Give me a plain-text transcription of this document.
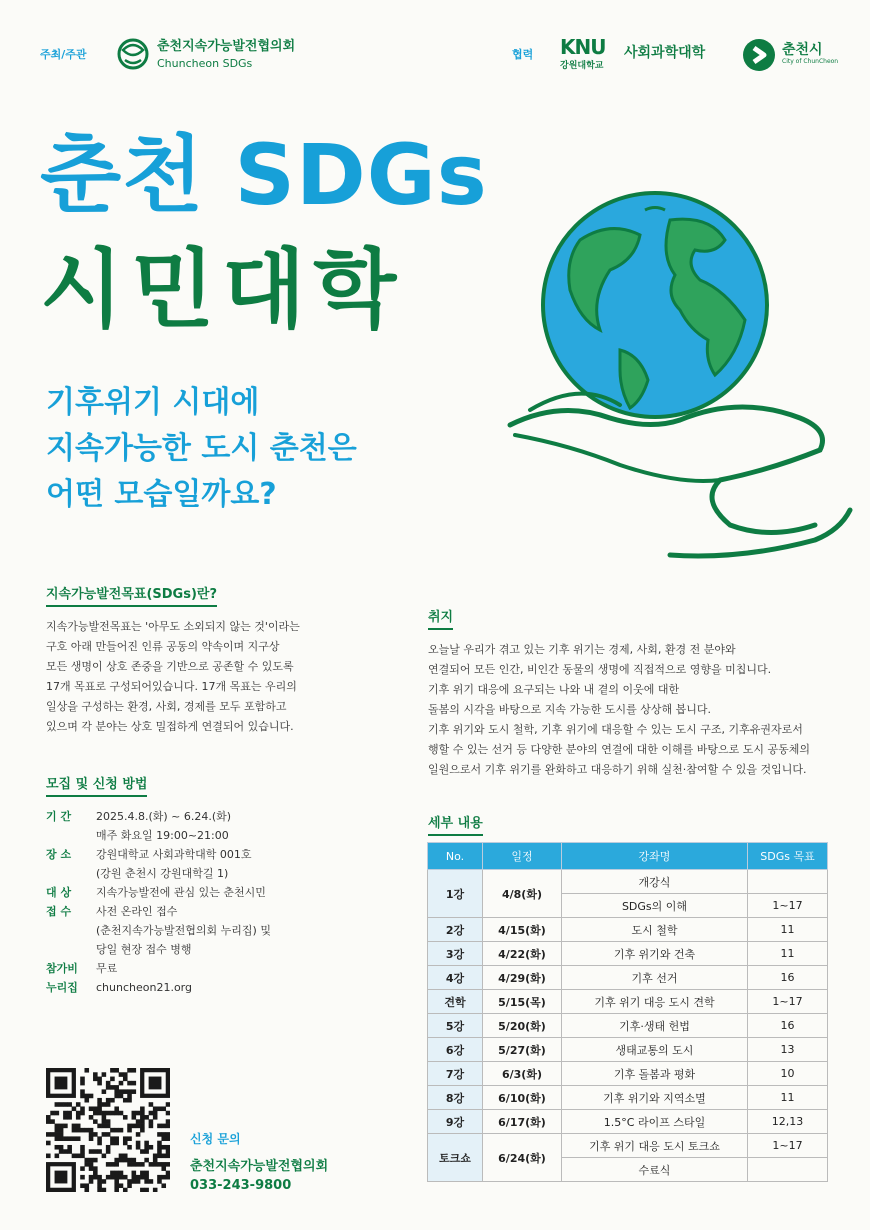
주최/주관
춘천지속가능발전협의회
Chuncheon SDGs
협력 KNU
강원대학교
사회과학대학	춘천시
City of ChunCheon
춘천 SDGs
시민대학
기후위기 시대에
지속가능한 도시 춘천은
어떤 모습일까요?
지속가능발전목표(SDGs)란?
지속가능발전목표는 '아무도 소외되지 않는 것'이라는
구호 아래 만들어진 인류 공동의 약속이며 지구상
모든 생명이 상호 존중을 기반으로 공존할 수 있도록
17개 목표로 구성되어있습니다. 17개 목표는 우리의
일상을 구성하는 환경, 사회, 경제를 모두 포함하고
있으며 각 분야는 상호 밀접하게 연결되어 있습니다.
취지
오늘날 우리가 겪고 있는 기후 위기는 경제, 사회, 환경 전 분야와
연결되어 모든 인간, 비인간 동물의 생명에 직접적으로 영향을 미칩니다.
기후 위기 대응에 요구되는 나와 내 곁의 이웃에 대한
돌봄의 시각을 바탕으로 지속 가능한 도시를 상상해 봅니다.
기후 위기와 도시 철학, 기후 위기에 대응할 수 있는 도시 구조, 기후유권자로서
행할 수 있는 선거 등 다양한 분야의 연결에 대한 이해를 바탕으로 도시 공동체의
일원으로서 기후 위기를 완화하고 대응하기 위해 실천·참여할 수 있을 것입니다.
모집 및 신청 방법
기 간	2025.4.8.(화) ~ 6.24.(화)
매주 화요일 19:00~21:00
장 소	강원대학교 사회과학대학 001호
(강원 춘천시 강원대학길 1)
대 상	지속가능발전에 관심 있는 춘천시민
접 수	사전 온라인 접수
(춘천지속가능발전협의회 누리집) 및
당일 현장 접수 병행
참가비	무료
누리집	chuncheon21.org
신청 문의
춘천지속가능발전협의회
033-243-9800
세부 내용
No.	일정	강좌명	SDGs 목표
1강	4/8(화)	개강식	
		SDGs의 이해	1~17
2강	4/15(화)	도시 철학	11
3강	4/22(화)	기후 위기와 건축	11
4강	4/29(화)	기후 선거	16
견학	5/15(목)	기후 위기 대응 도시 견학	1~17
5강	5/20(화)	기후·생태 헌법	16
6강	5/27(화)	생태교통의 도시	13
7강	6/3(화)	기후 돌봄과 평화	10
8강	6/10(화)	기후 위기와 지역소멸	11
9강	6/17(화)	1.5°C 라이프 스타일	12,13
토크쇼	6/24(화)	기후 위기 대응 도시 토크쇼	1~17
		수료식	
